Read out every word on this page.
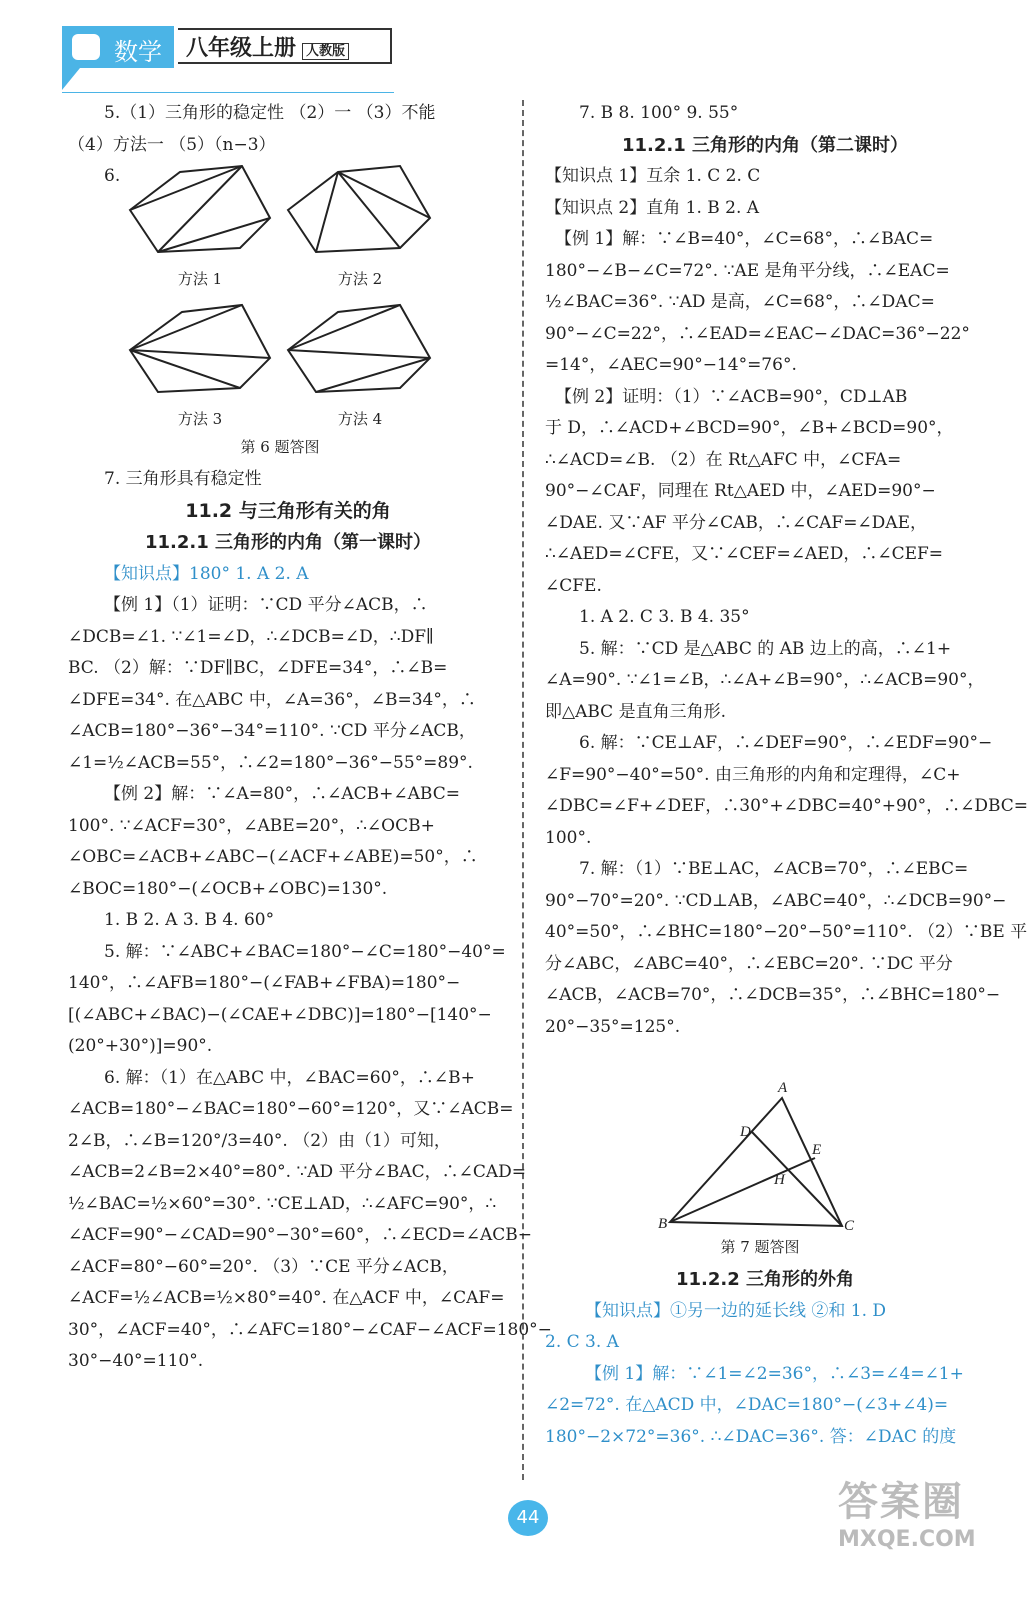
数学	八年级上册 人教版
5.（1）三角形的稳定性 （2）一 （3）不能
（4）方法一 （5）（n−3）
6.
方法 1	方法 2
方法 3	方法 4
第 6 题答图
7. 三角形具有稳定性
11.2 与三角形有关的角
11.2.1 三角形的内角（第一课时）
【知识点】180° 1. A 2. A
【例 1】（1）证明：∵CD 平分∠ACB，∴
∠DCB=∠1. ∵∠1=∠D，∴∠DCB=∠D，∴DF∥
BC. （2）解：∵DF∥BC，∠DFE=34°，∴∠B=
∠DFE=34°. 在△ABC 中，∠A=36°，∠B=34°，∴
∠ACB=180°−36°−34°=110°. ∵CD 平分∠ACB，
∠1=½∠ACB=55°，∴∠2=180°−36°−55°=89°.
【例 2】解：∵∠A=80°，∴∠ACB+∠ABC=
100°. ∵∠ACF=30°，∠ABE=20°，∴∠OCB+
∠OBC=∠ACB+∠ABC−(∠ACF+∠ABE)=50°，∴
∠BOC=180°−(∠OCB+∠OBC)=130°.
1. B 2. A 3. B 4. 60°
5. 解：∵∠ABC+∠BAC=180°−∠C=180°−40°=
140°，∴∠AFB=180°−(∠FAB+∠FBA)=180°−
[(∠ABC+∠BAC)−(∠CAE+∠DBC)]=180°−[140°−
(20°+30°)]=90°.
6. 解：（1）在△ABC 中，∠BAC=60°，∴∠B+
∠ACB=180°−∠BAC=180°−60°=120°，又∵∠ACB=
2∠B，∴∠B=120°/3=40°. （2）由（1）可知，
∠ACB=2∠B=2×40°=80°. ∵AD 平分∠BAC，∴∠CAD=
½∠BAC=½×60°=30°. ∵CE⊥AD，∴∠AFC=90°，∴
∠ACF=90°−∠CAD=90°−30°=60°，∴∠ECD=∠ACB−
∠ACF=80°−60°=20°. （3）∵CE 平分∠ACB，
∠ACF=½∠ACB=½×80°=40°. 在△ACF 中，∠CAF=
30°，∠ACF=40°，∴∠AFC=180°−∠CAF−∠ACF=180°−
30°−40°=110°.
7. B 8. 100° 9. 55°
11.2.1 三角形的内角（第二课时）
【知识点 1】互余 1. C 2. C
【知识点 2】直角 1. B 2. A
【例 1】解：∵∠B=40°，∠C=68°，∴∠BAC=
180°−∠B−∠C=72°. ∵AE 是角平分线，∴∠EAC=
½∠BAC=36°. ∵AD 是高，∠C=68°，∴∠DAC=
90°−∠C=22°，∴∠EAD=∠EAC−∠DAC=36°−22°
=14°，∠AEC=90°−14°=76°.
【例 2】证明：（1）∵∠ACB=90°，CD⊥AB
于 D，∴∠ACD+∠BCD=90°，∠B+∠BCD=90°，
∴∠ACD=∠B. （2）在 Rt△AFC 中，∠CFA=
90°−∠CAF，同理在 Rt△AED 中，∠AED=90°−
∠DAE. 又∵AF 平分∠CAB，∴∠CAF=∠DAE，
∴∠AED=∠CFE，又∵∠CEF=∠AED，∴∠CEF=
∠CFE.
1. A 2. C 3. B 4. 35°
5. 解：∵CD 是△ABC 的 AB 边上的高，∴∠1+
∠A=90°. ∵∠1=∠B，∴∠A+∠B=90°，∴∠ACB=90°，
即△ABC 是直角三角形.
6. 解：∵CE⊥AF，∴∠DEF=90°，∴∠EDF=90°−
∠F=90°−40°=50°. 由三角形的内角和定理得，∠C+
∠DBC=∠F+∠DEF，∴30°+∠DBC=40°+90°，∴∠DBC=
100°.
7. 解：（1）∵BE⊥AC，∠ACB=70°，∴∠EBC=
90°−70°=20°. ∵CD⊥AB，∠ABC=40°，∴∠DCB=90°−
40°=50°，∴∠BHC=180°−20°−50°=110°. （2）∵BE 平
分∠ABC，∠ABC=40°，∴∠EBC=20°. ∵DC 平分
∠ACB，∠ACB=70°，∴∠DCB=35°，∴∠BHC=180°−
20°−35°=125°.
A
D
E
H
B	C
第 7 题答图
11.2.2 三角形的外角
【知识点】①另一边的延长线 ②和 1. D
2. C 3. A
【例 1】解：∵∠1=∠2=36°，∴∠3=∠4=∠1+
∠2=72°. 在△ACD 中，∠DAC=180°−(∠3+∠4)=
180°−2×72°=36°. ∴∠DAC=36°. 答：∠DAC 的度
44	答案圈
MXQE.COM
